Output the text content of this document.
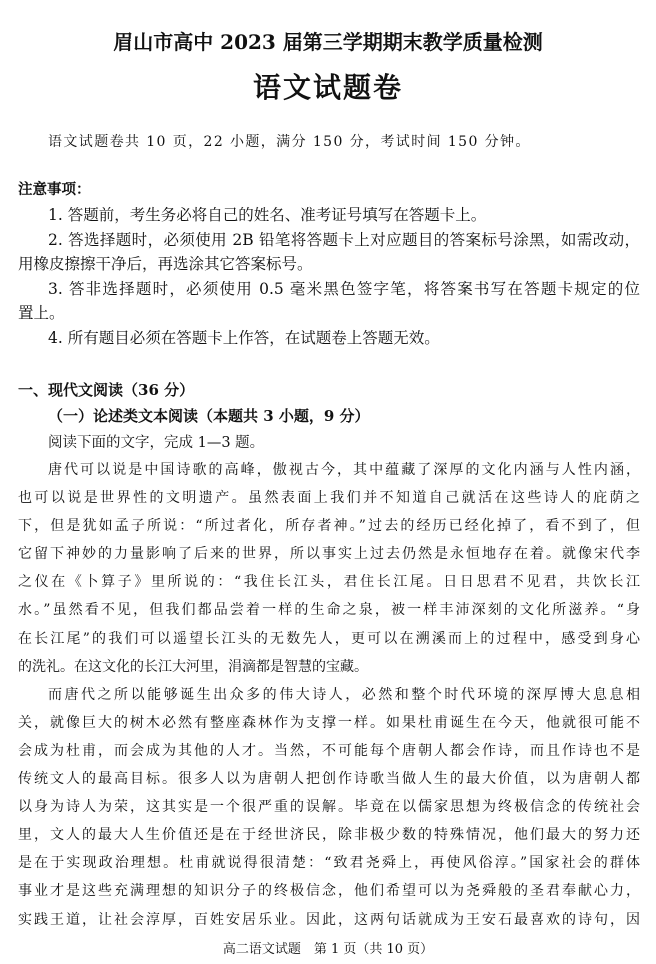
眉山市高中 2023 届第三学期期末教学质量检测
语文试题卷

语文试题卷共 10 页，22 小题，满分 150 分，考试时间 150 分钟。

注意事项：
1. 答题前，考生务必将自己的姓名、准考证号填写在答题卡上。
2. 答选择题时，必须使用 2B 铅笔将答题卡上对应题目的答案标号涂黑，如需改动，
用橡皮擦擦干净后，再选涂其它答案标号。
3. 答非选择题时，必须使用 0.5 毫米黑色签字笔，将答案书写在答题卡规定的位
置上。
4. 所有题目必须在答题卡上作答，在试题卷上答题无效。
一、现代文阅读（36 分）
（一）论述类文本阅读（本题共 3 小题，9 分）
阅读下面的文字，完成 1—3 题。
唐代可以说是中国诗歌的高峰，傲视古今，其中蕴藏了深厚的文化内涵与人性内涵，
也可以说是世界性的文明遗产。虽然表面上我们并不知道自己就活在这些诗人的庇荫之
下，但是犹如孟子所说：“所过者化，所存者神。”过去的经历已经化掉了，看不到了，但
它留下神妙的力量影响了后来的世界，所以事实上过去仍然是永恒地存在着。就像宋代李
之仪在《卜算子》里所说的：“我住长江头，君住长江尾。日日思君不见君，共饮长江
水。”虽然看不见，但我们都品尝着一样的生命之泉，被一样丰沛深刻的文化所滋养。“身
在长江尾”的我们可以遥望长江头的无数先人，更可以在溯溪而上的过程中，感受到身心
的洗礼。在这文化的长江大河里，涓滴都是智慧的宝藏。
而唐代之所以能够诞生出众多的伟大诗人，必然和整个时代环境的深厚博大息息相
关，就像巨大的树木必然有整座森林作为支撑一样。如果杜甫诞生在今天，他就很可能不
会成为杜甫，而会成为其他的人才。当然，不可能每个唐朝人都会作诗，而且作诗也不是
传统文人的最高目标。很多人以为唐朝人把创作诗歌当做人生的最大价值，以为唐朝人都
以身为诗人为荣，这其实是一个很严重的误解。毕竟在以儒家思想为终极信念的传统社会
里，文人的最大人生价值还是在于经世济民，除非极少数的特殊情况，他们最大的努力还
是在于实现政治理想。杜甫就说得很清楚：“致君尧舜上，再使风俗淳。”国家社会的群体
事业才是这些充满理想的知识分子的终极信念，他们希望可以为尧舜般的圣君奉献心力，
实践王道，让社会淳厚，百姓安居乐业。因此，这两句话就成为王安石最喜欢的诗句，因
高二语文试题　第 1 页（共 10 页）
